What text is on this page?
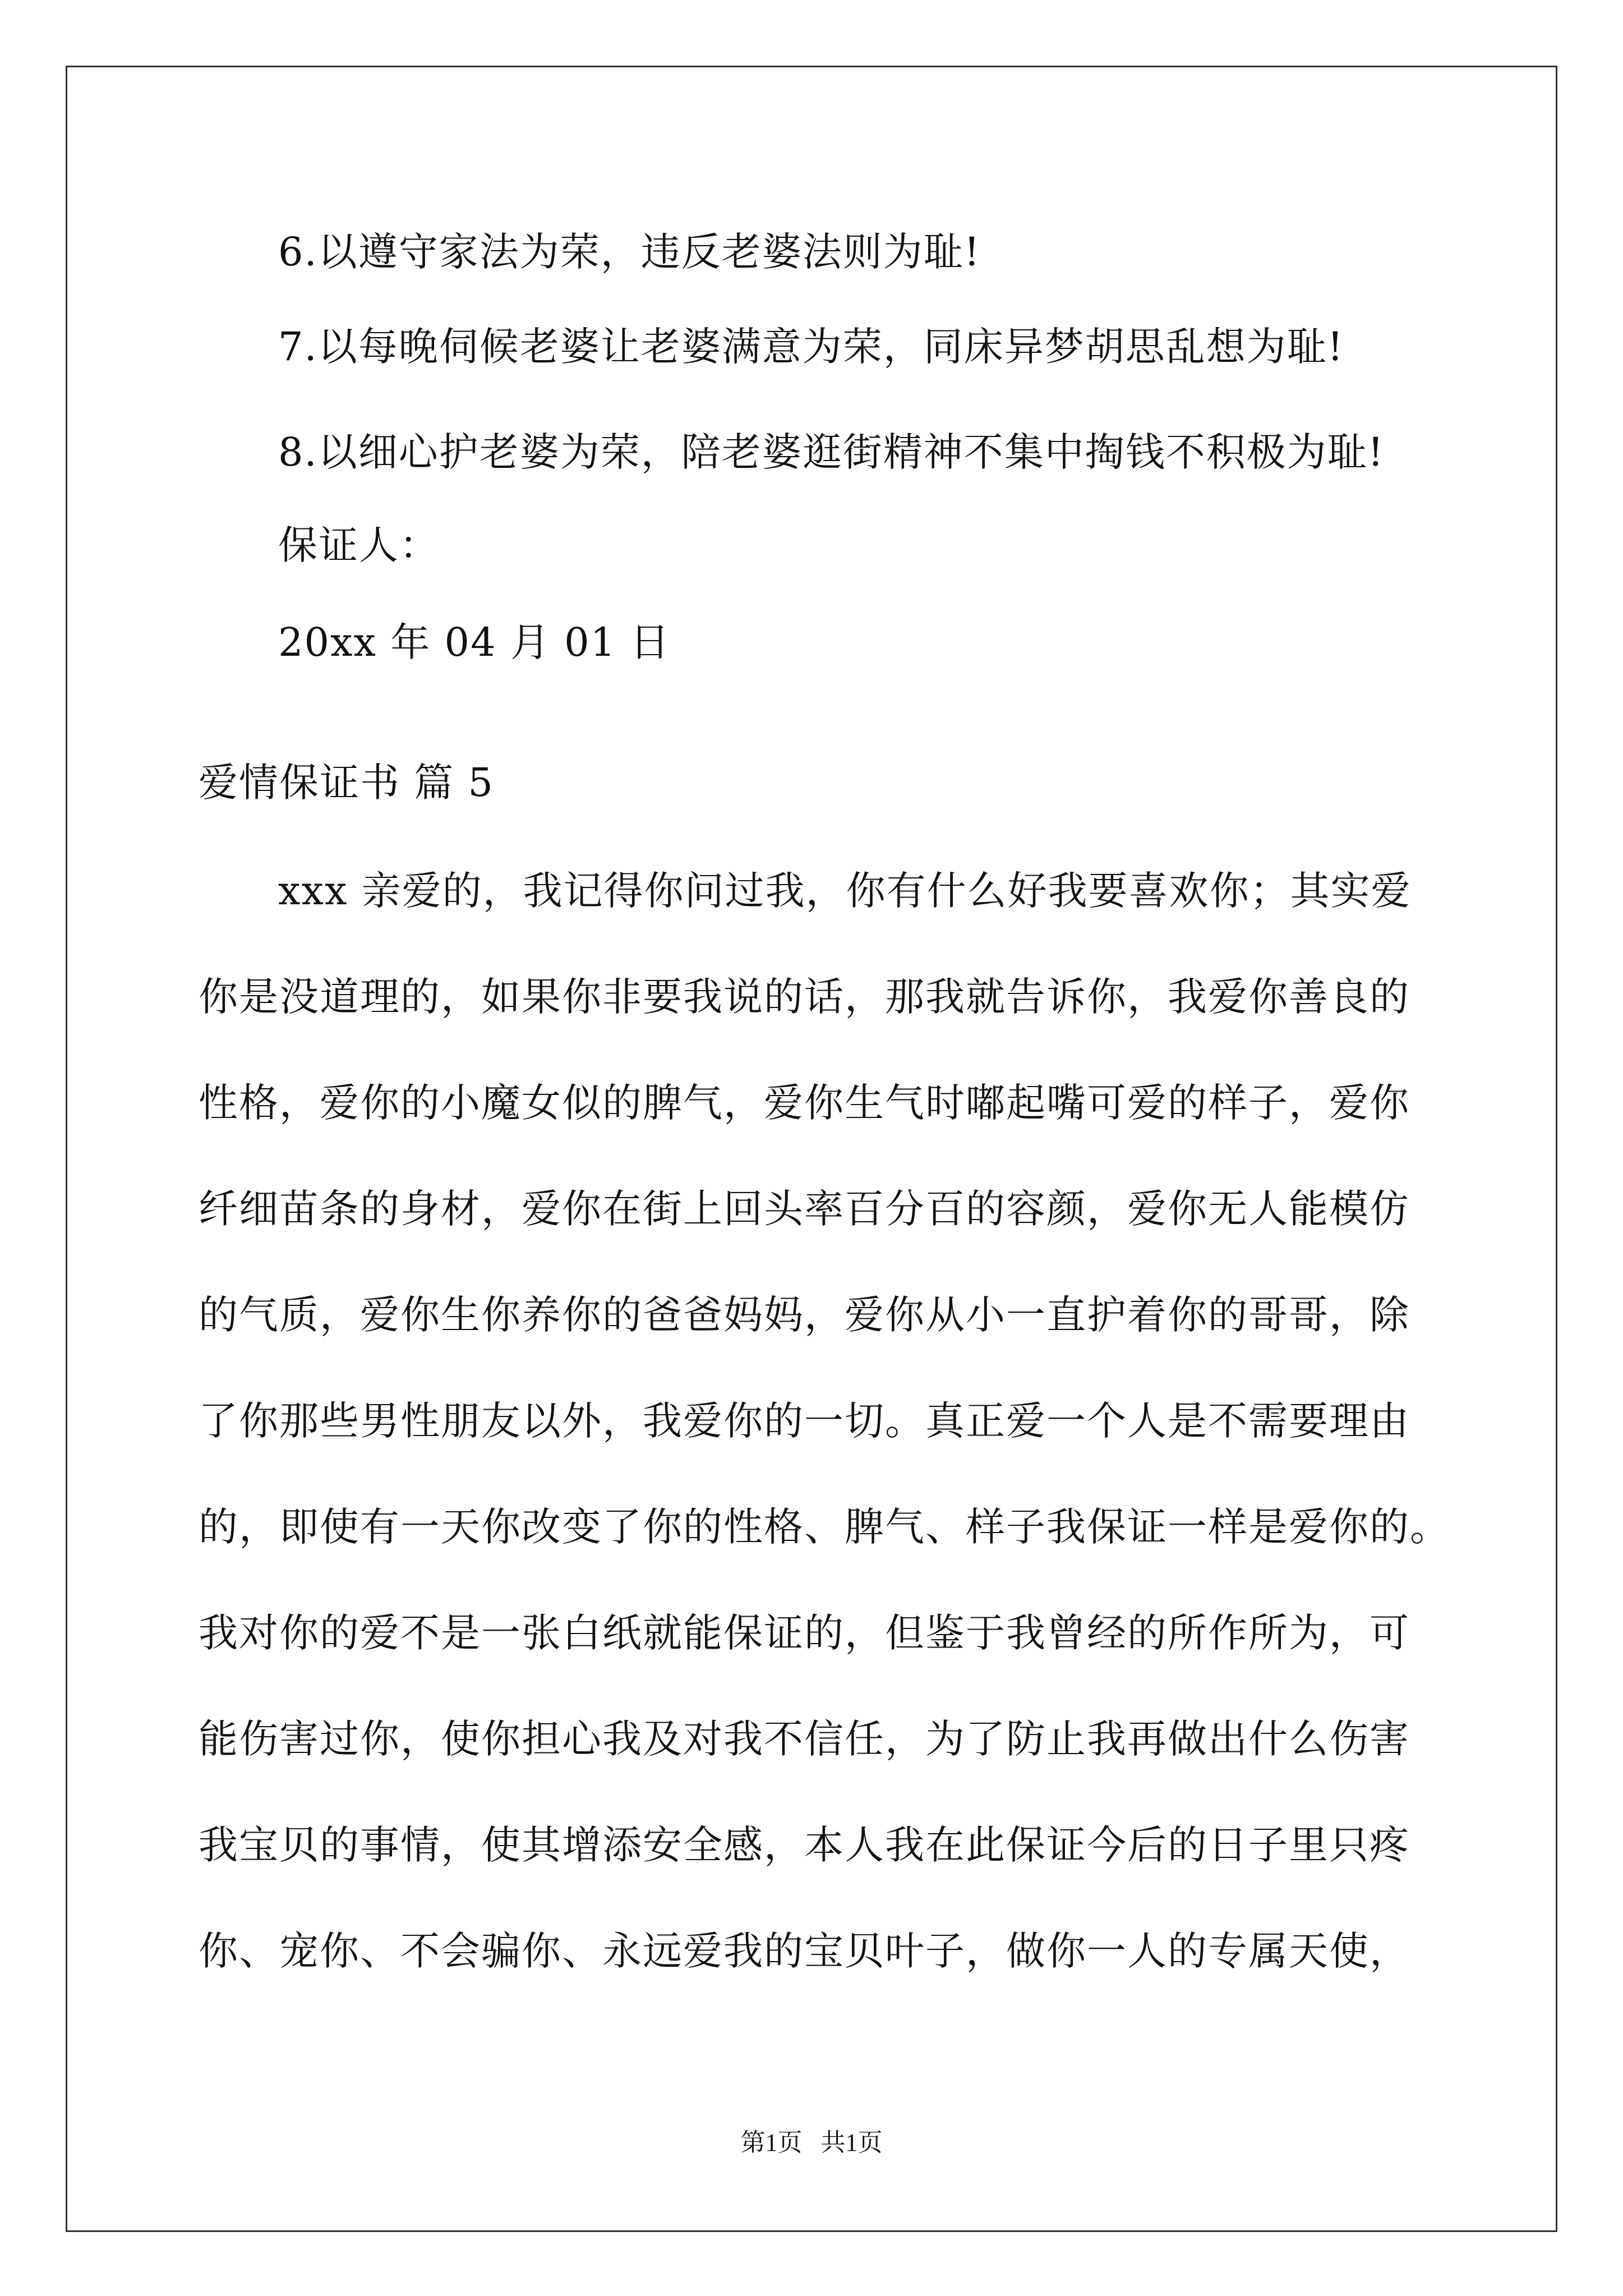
6.以遵守家法为荣，违反老婆法则为耻!
7.以每晚伺候老婆让老婆满意为荣，同床异梦胡思乱想为耻!
8.以细心护老婆为荣，陪老婆逛街精神不集中掏钱不积极为耻!
保证人：
20xx 年 04 月 01 日
爱情保证书 篇 5
xxx 亲爱的，我记得你问过我，你有什么好我要喜欢你；其实爱
你是没道理的，如果你非要我说的话，那我就告诉你，我爱你善良的
性格，爱你的小魔女似的脾气，爱你生气时嘟起嘴可爱的样子，爱你
纤细苗条的身材，爱你在街上回头率百分百的容颜，爱你无人能模仿
的气质，爱你生你养你的爸爸妈妈，爱你从小一直护着你的哥哥，除
了你那些男性朋友以外，我爱你的一切。真正爱一个人是不需要理由
的，即使有一天你改变了你的性格、脾气、样子我保证一样是爱你的。
我对你的爱不是一张白纸就能保证的，但鉴于我曾经的所作所为，可
能伤害过你，使你担心我及对我不信任，为了防止我再做出什么伤害
我宝贝的事情，使其增添安全感，本人我在此保证今后的日子里只疼
你、宠你、不会骗你、永远爱我的宝贝叶子，做你一人的专属天使，
第1页   共1页
